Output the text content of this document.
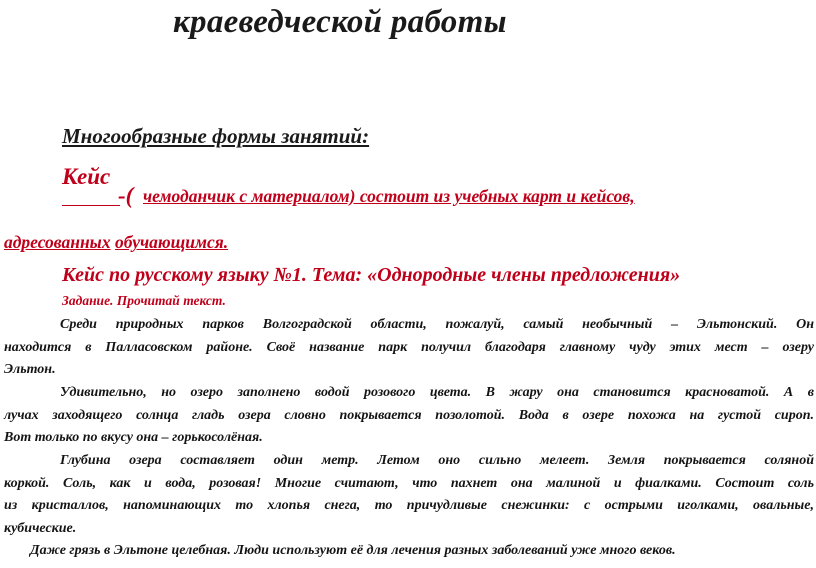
краеведческой работы
Многообразные формы занятий:
Кейс
-( чемоданчик с материалом) состоит из учебных карт и кейсов,
адресованных обучающимся.
Кейс по русскому языку №1. Тема: «Однородные члены предложения»
Задание. Прочитай текст.
Среди природных парков Волгоградской области, пожалуй, самый необычный – Эльтонский. Он
находится в Палласовском районе. Своё название парк получил благодаря главному чуду этих мест – озеру
Эльтон.
Удивительно, но озеро заполнено водой розового цвета. В жару она становится красноватой. А в
лучах заходящего солнца гладь озера словно покрывается позолотой. Вода в озере похожа на густой сироп.
Вот только по вкусу она – горькосолёная.
Глубина озера составляет один метр. Летом оно сильно мелеет. Земля покрывается соляной
коркой. Соль, как и вода, розовая! Многие считают, что пахнет она малиной и фиалками. Состоит соль
из кристаллов, напоминающих то хлопья снега, то причудливые снежинки: с острыми иголками, овальные,
кубические.
Даже грязь в Эльтоне целебная. Люди используют её для лечения разных заболеваний уже много веков.
